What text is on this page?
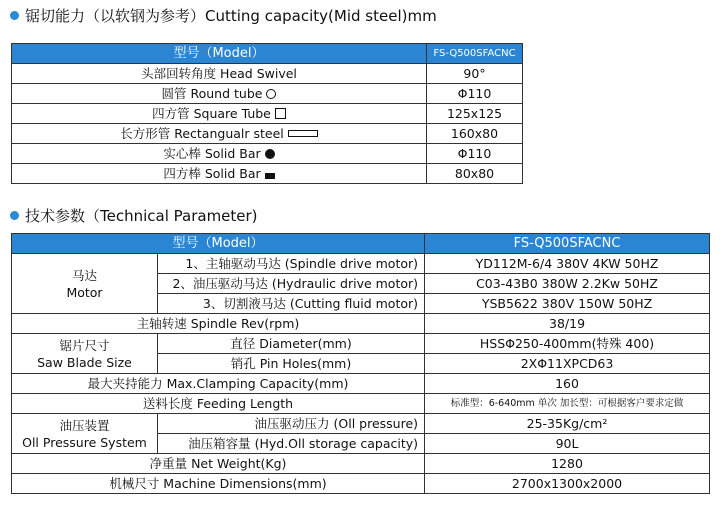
锯切能力（以软钢为参考）Cutting capacity(Mid steel)mm
型号（Model）	FS-Q500SFACNC
头部回转角度 Head Swivel	90°
圆管 Round tube	Φ110
四方管 Square Tube	125x125
长方形管 Rectangualr steel	160x80
实心棒 Solid Bar	Φ110
四方棒 Solid Bar	80x80
技术参数（Technical Parameter)
型号（Model）		FS-Q500SFACNC

马达
Motor	1、主轴驱动马达 (Spindle drive motor)	YD112M-6/4 380V 4KW 50HZ
	2、油压驱动马达 (Hydraulic drive motor)	C03-43B0 380W 2.2Kw 50HZ
	3、切割液马达 (Cutting fluid motor)	YSB5622 380V 150W 50HZ
主轴转速 Spindle Rev(rpm)		38/19

锯片尺寸
Saw Blade Size	直径 Diameter(mm)	HSSΦ250-400mm(特殊 400)
	销孔 Pin Holes(mm)	2XΦ11XPCD63
最大夹持能力 Max.Clamping Capacity(mm)		160
送料长度 Feeding Length		标准型：6-640mm 单次 加长型：可根据客户要求定做

油压装置
Oll Pressure System	油压驱动压力 (Oll pressure)	25-35Kg/cm²
	油压箱容量 (Hyd.Oll storage capacity)	90L
净重量 Net Weight(Kg)		1280
机械尺寸 Machine Dimensions(mm)		2700x1300x2000
